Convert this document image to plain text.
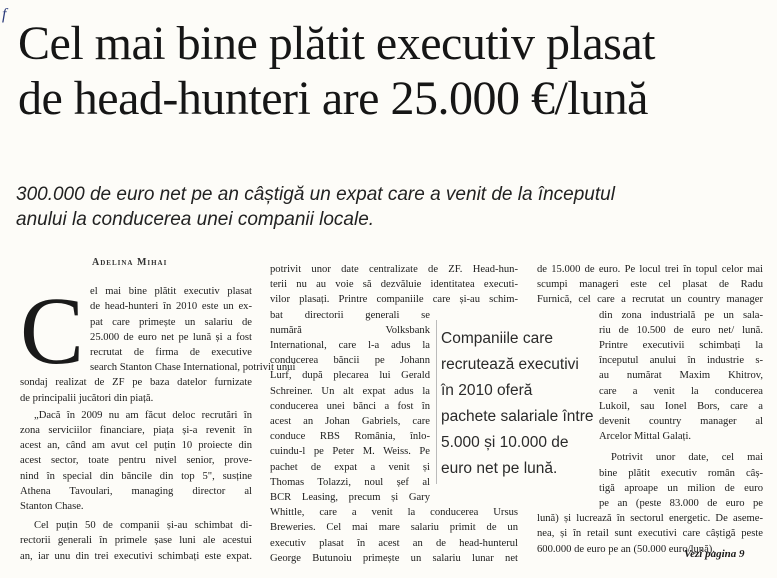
f
Cel mai bine plătit executiv plasat
de head-hunteri are 25.000 €/lună

300.000 de euro net pe an câștigă un expat care a venit de la începutul
anului la conducerea unei companii locale.

Adelina Mihai
C el mai bine plătit executiv plasat
de head-hunteri în 2010 este un ex-
pat care primește un salariu de
25.000 de euro net pe lună și a fost
recrutat de firma de executive
search Stanton Chase International, potrivit unui
sondaj realizat de ZF pe baza datelor furnizate
de principalii jucători din piață.

„Dacă în 2009 nu am făcut deloc recrutări în
zona serviciilor financiare, piața și-a revenit în
acest an, când am avut cel puțin 10 proiecte din
acest sector, toate pentru nivel senior, prove-
nind în special din băncile din top 5", susține
Athena Tavoulari, managing director al
Stanton Chase.

Cel puțin 50 de companii și-au schimbat di-
rectorii generali în primele șase luni ale acestui
an, iar unu din trei executivi schimbați este expat.

potrivit unor date centralizate de ZF. Head-hun-
terii nu au voie să dezvăluie identitatea executi-
vilor plasați. Printre companiile care și-au schim-
bat directorii generali se
numără Volksbank
International, care l-a adus la
conducerea băncii pe Johann
Lurf, după plecarea lui Gerald
Schreiner. Un alt expat adus la
conducerea unei bănci a fost în
acest an Johan Gabriels, care
conduce RBS România, înlo-
cuindu-l pe Peter M. Weiss. Pe
pachet de expat a venit și
Thomas Tolazzi, noul șef al
BCR Leasing, precum și Gary
Whittle, care a venit la conducerea Ursus
Breweries. Cel mai mare salariu primit de un
executiv plasat în acest an de head-hunterul
George Butunoiu primește un salariu lunar net

de 15.000 de euro. Pe locul trei în topul celor mai
scumpi manageri este cel plasat de Radu
Furnică, cel care a recrutat un country manager
din zona industrială pe un sala-
riu de 10.500 de euro net/ lună.
Printre executivii schimbați la
începutul anului în industrie s-
au numărat Maxim Khitrov,
care a venit la conducerea
Lukoil, sau Ionel Bors, care a
devenit country manager al
Arcelor Mittal Galați.

Potrivit unor date, cel mai
bine plătit executiv român câș-
tigă aproape un milion de euro
pe an (peste 83.000 de euro pe
lună) și lucrează în sectorul energetic. De aseme-
nea, și în retail sunt executivi care câștigă peste
600.000 de euro pe an (50.000 euro/lună).

Companiile care
recrutează executivi
în 2010 oferă
pachete salariale între
5.000 și 10.000 de
euro net pe lună.
Vezi pagina 9
